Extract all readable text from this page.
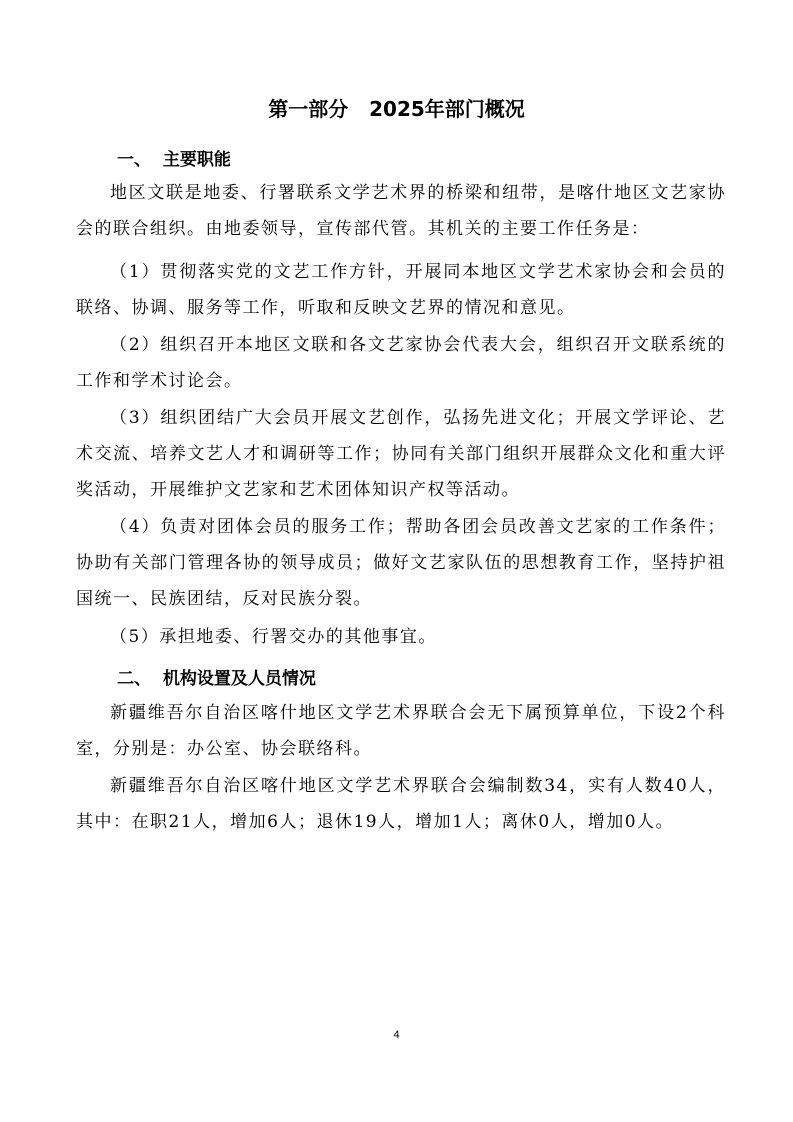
第一部分   2025年部门概况
一、  主要职能
地区文联是地委、行署联系文学艺术界的桥梁和纽带，是喀什地区文艺家协会的联合组织。由地委领导，宣传部代管。其机关的主要工作任务是：
（1）贯彻落实党的文艺工作方针，开展同本地区文学艺术家协会和会员的联络、协调、服务等工作，听取和反映文艺界的情况和意见。
（2）组织召开本地区文联和各文艺家协会代表大会，组织召开文联系统的工作和学术讨论会。
（3）组织团结广大会员开展文艺创作，弘扬先进文化；开展文学评论、艺术交流、培养文艺人才和调研等工作；协同有关部门组织开展群众文化和重大评奖活动，开展维护文艺家和艺术团体知识产权等活动。
（4）负责对团体会员的服务工作；帮助各团会员改善文艺家的工作条件；协助有关部门管理各协的领导成员；做好文艺家队伍的思想教育工作，坚持护祖国统一、民族团结，反对民族分裂。
（5）承担地委、行署交办的其他事宜。
二、  机构设置及人员情况
新疆维吾尔自治区喀什地区文学艺术界联合会无下属预算单位，下设2个科室，分别是：办公室、协会联络科。
新疆维吾尔自治区喀什地区文学艺术界联合会编制数34，实有人数40人，其中：在职21人，增加6人；退休19人，增加1人；离休0人，增加0人。
4
